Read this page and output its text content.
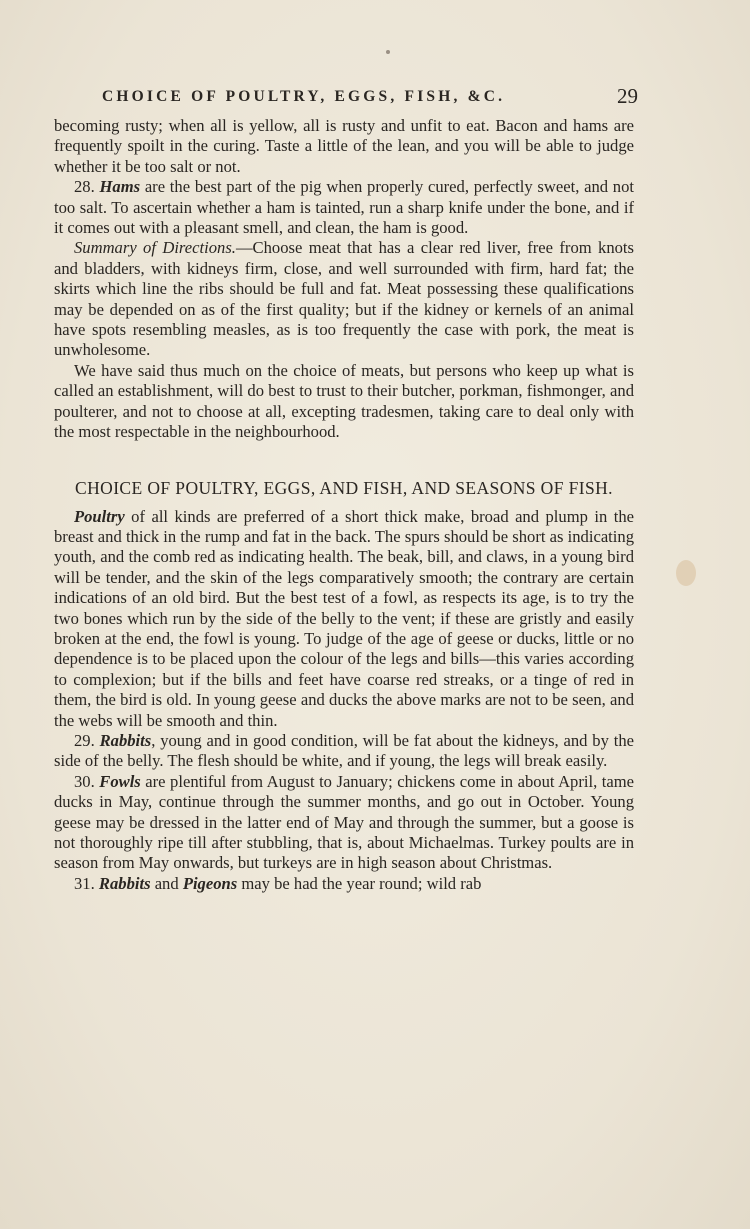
CHOICE OF POULTRY, EGGS, FISH, &C.	29

becoming rusty; when all is yellow, all is rusty and unfit to eat. Bacon and hams are frequently spoilt in the curing. Taste a little of the lean, and you will be able to judge whether it be too salt or not.

28. Hams are the best part of the pig when properly cured, perfectly sweet, and not too salt. To ascertain whether a ham is tainted, run a sharp knife under the bone, and if it comes out with a pleasant smell, and clean, the ham is good.

Summary of Directions.—Choose meat that has a clear red liver, free from knots and bladders, with kidneys firm, close, and well surrounded with firm, hard fat; the skirts which line the ribs should be full and fat. Meat possessing these qualifications may be depended on as of the first quality; but if the kidney or kernels of an animal have spots resembling measles, as is too frequently the case with pork, the meat is unwholesome.

We have said thus much on the choice of meats, but persons who keep up what is called an establishment, will do best to trust to their butcher, porkman, fishmonger, and poulterer, and not to choose at all, excepting tradesmen, taking care to deal only with the most respectable in the neighbourhood.

CHOICE OF POULTRY, EGGS, AND FISH, AND SEASONS OF FISH.

Poultry of all kinds are preferred of a short thick make, broad and plump in the breast and thick in the rump and fat in the back. The spurs should be short as indicating youth, and the comb red as indicating health. The beak, bill, and claws, in a young bird will be tender, and the skin of the legs comparatively smooth; the contrary are certain indications of an old bird. But the best test of a fowl, as respects its age, is to try the two bones which run by the side of the belly to the vent; if these are gristly and easily broken at the end, the fowl is young. To judge of the age of geese or ducks, little or no dependence is to be placed upon the colour of the legs and bills—this varies according to complexion; but if the bills and feet have coarse red streaks, or a tinge of red in them, the bird is old. In young geese and ducks the above marks are not to be seen, and the webs will be smooth and thin.

29. Rabbits, young and in good condition, will be fat about the kidneys, and by the side of the belly. The flesh should be white, and if young, the legs will break easily.

30. Fowls are plentiful from August to January; chickens come in about April, tame ducks in May, continue through the summer months, and go out in October. Young geese may be dressed in the latter end of May and through the summer, but a goose is not thoroughly ripe till after stubbling, that is, about Michaelmas. Turkey poults are in season from May onwards, but turkeys are in high season about Christmas.

31. Rabbits and Pigeons may be had the year round; wild rab
